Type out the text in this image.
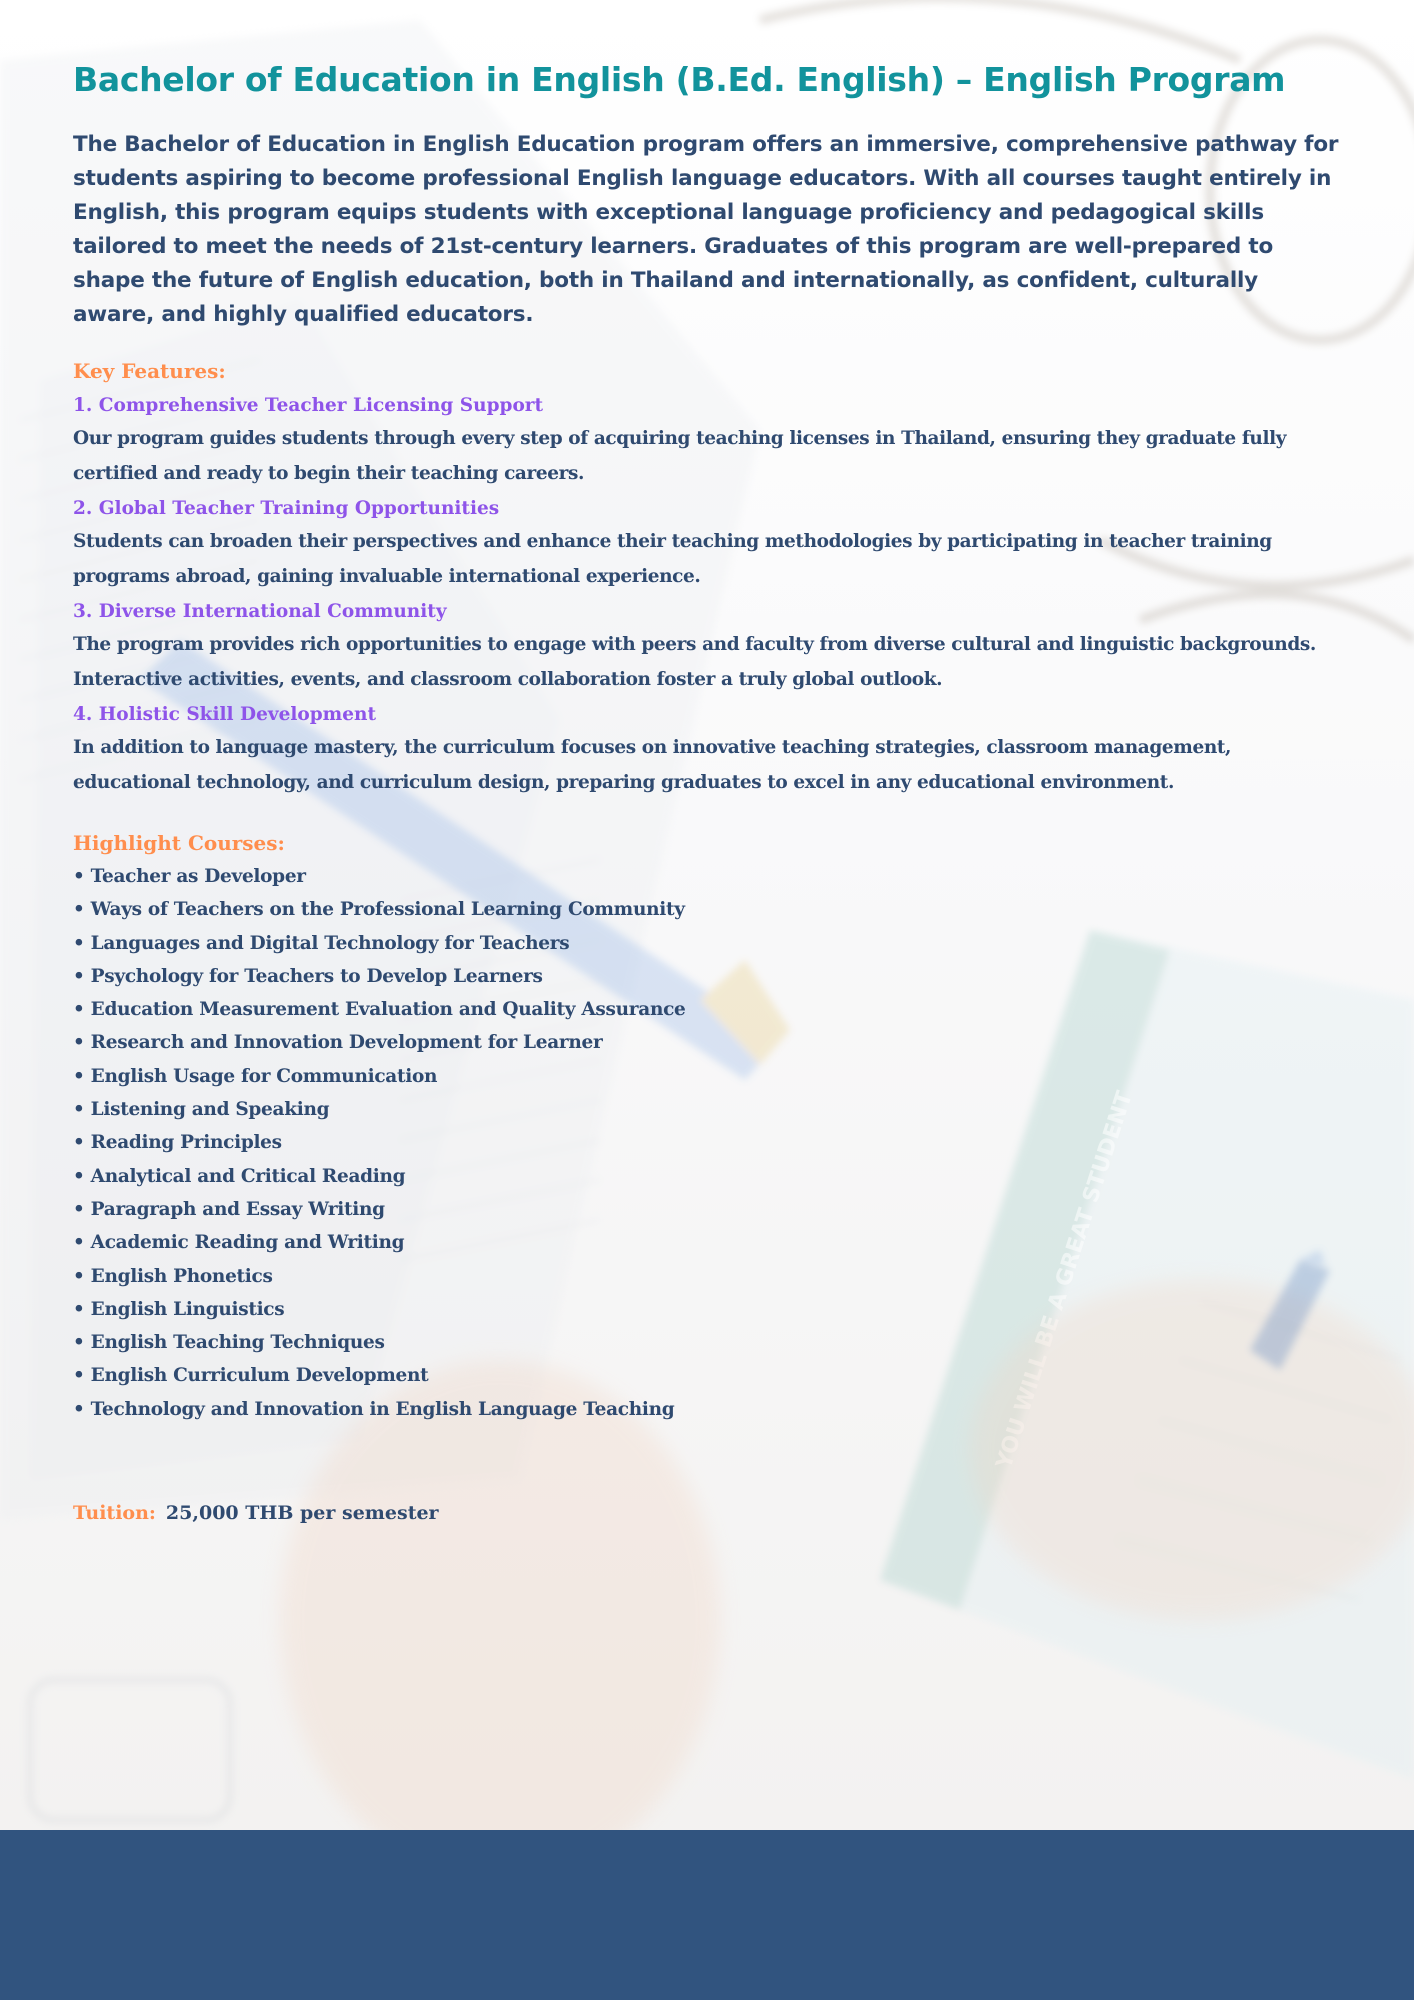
YOU WILL BE A GREAT STUDENT
Bachelor of Education in English (B.Ed. English) – English Program

The Bachelor of Education in English Education program offers an immersive, comprehensive pathway for students aspiring to become professional English language educators. With all courses taught entirely in English, this program equips students with exceptional language proficiency and pedagogical skills tailored to meet the needs of 21st-century learners. Graduates of this program are well-prepared to shape the future of English education, both in Thailand and internationally, as confident, culturally aware, and highly qualified educators.

Key Features:
1. Comprehensive Teacher Licensing Support
Our program guides students through every step of acquiring teaching licenses in Thailand, ensuring they graduate fully certified and ready to begin their teaching careers.
2. Global Teacher Training Opportunities
Students can broaden their perspectives and enhance their teaching methodologies by participating in teacher training programs abroad, gaining invaluable international experience.
3. Diverse International Community
The program provides rich opportunities to engage with peers and faculty from diverse cultural and linguistic backgrounds. Interactive activities, events, and classroom collaboration foster a truly global outlook.
4. Holistic Skill Development
In addition to language mastery, the curriculum focuses on innovative teaching strategies, classroom management, educational technology, and curriculum design, preparing graduates to excel in any educational environment.
Highlight Courses:
• Teacher as Developer
• Ways of Teachers on the Professional Learning Community
• Languages and Digital Technology for Teachers
• Psychology for Teachers to Develop Learners
• Education Measurement Evaluation and Quality Assurance
• Research and Innovation Development for Learner
• English Usage for Communication
• Listening and Speaking
• Reading Principles
• Analytical and Critical Reading
• Paragraph and Essay Writing
• Academic Reading and Writing
• English Phonetics
• English Linguistics
• English Teaching Techniques
• English Curriculum Development
• Technology and Innovation in English Language Teaching
Tuition: 25,000 THB per semester
